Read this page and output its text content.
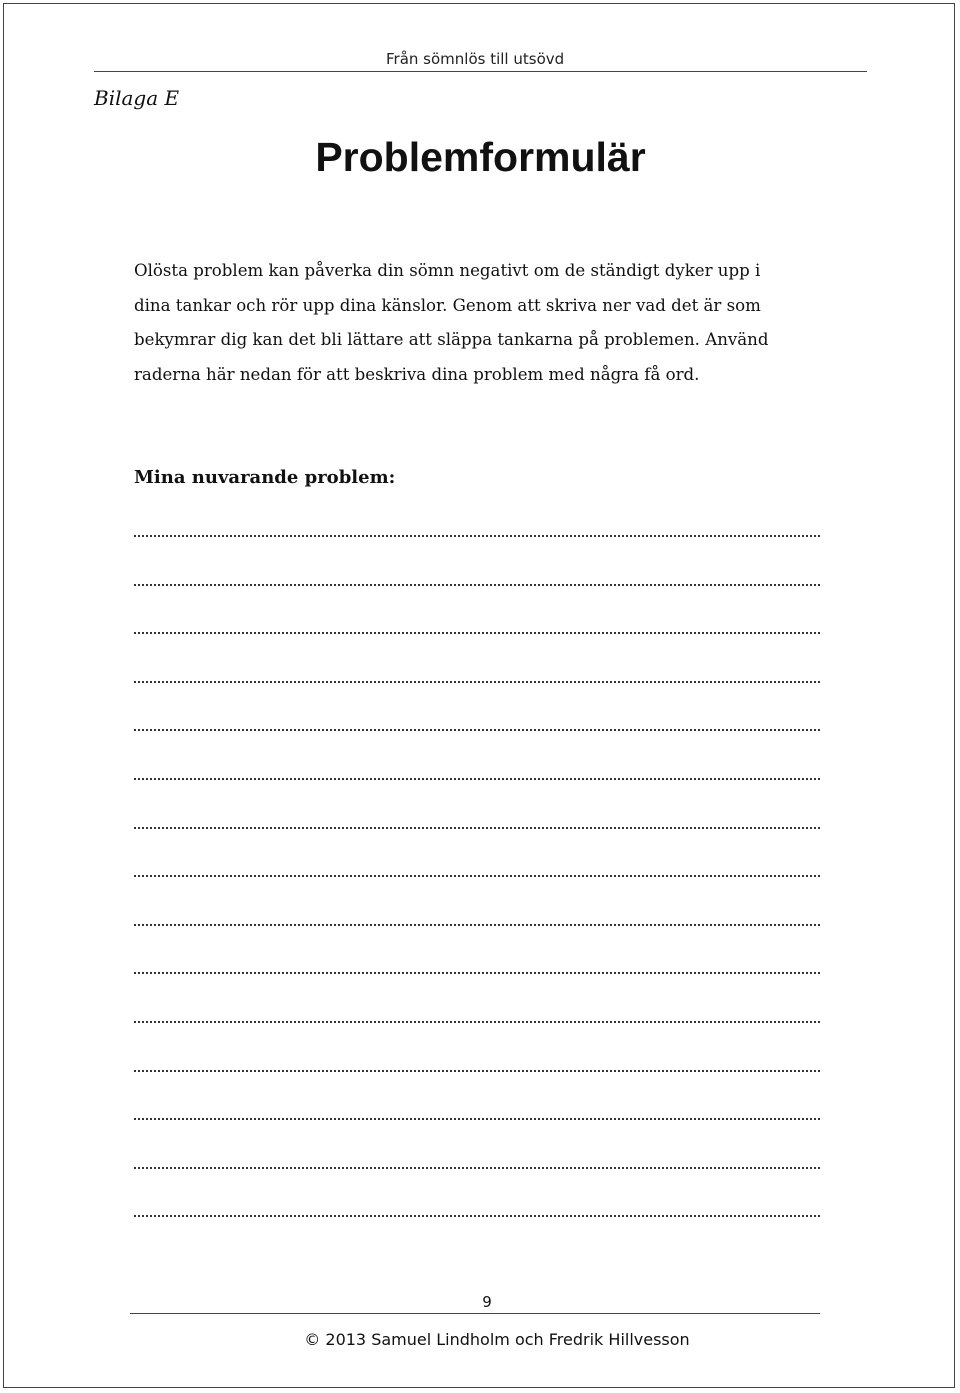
Från sömnlös till utsövd
Bilaga E
Problemformulär
Olösta problem kan påverka din sömn negativt om de ständigt dyker upp i
dina tankar och rör upp dina känslor. Genom att skriva ner vad det är som
bekymrar dig kan det bli lättare att släppa tankarna på problemen. Använd
raderna här nedan för att beskriva dina problem med några få ord.
Mina nuvarande problem:
9
© 2013 Samuel Lindholm och Fredrik Hillvesson
